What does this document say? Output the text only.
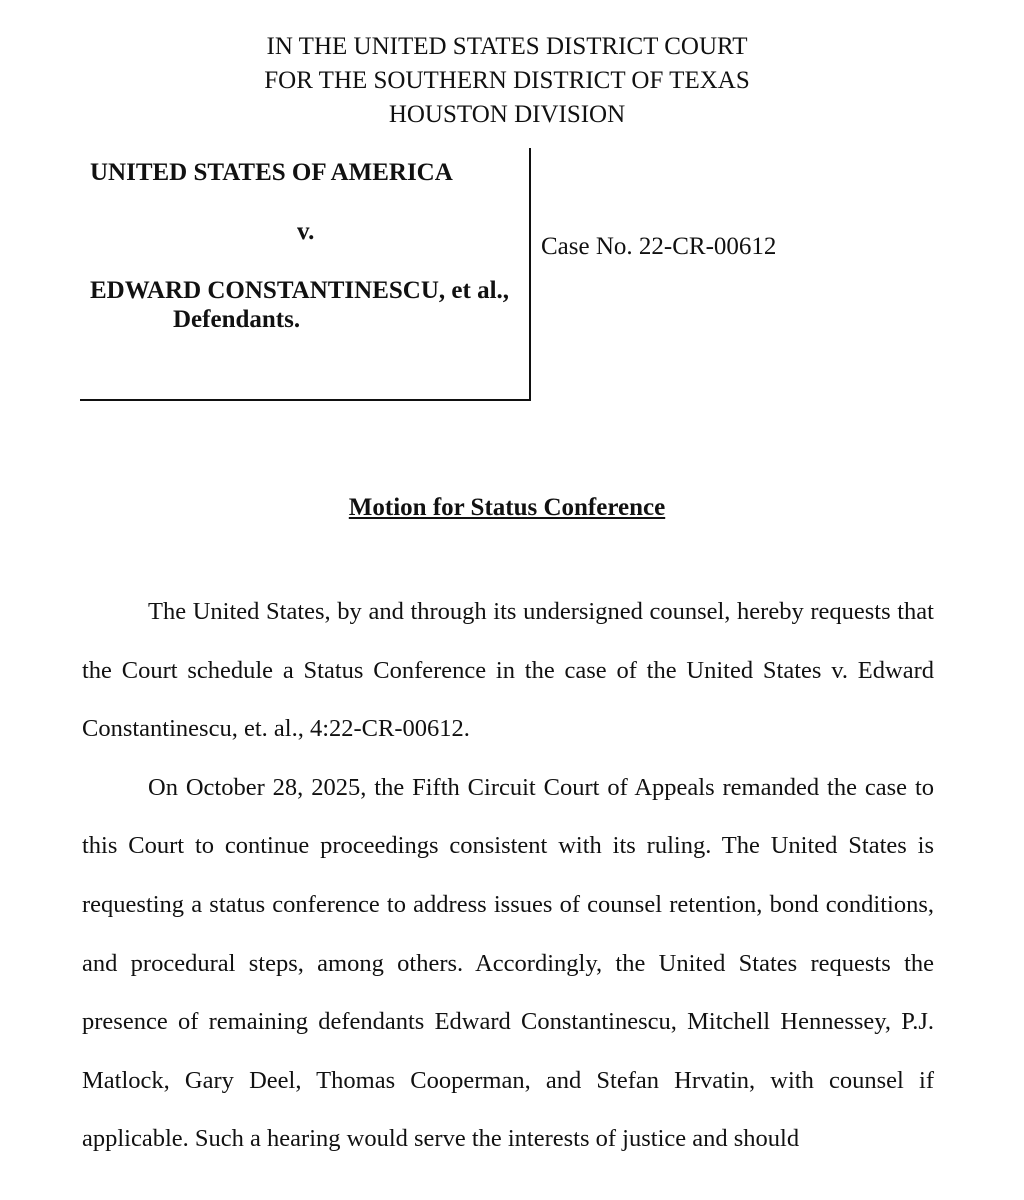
IN THE UNITED STATES DISTRICT COURT
FOR THE SOUTHERN DISTRICT OF TEXAS
HOUSTON DIVISION
UNITED STATES OF AMERICA
v.
EDWARD CONSTANTINESCU, et al.,
Defendants.
Case No. 22-CR-00612
Motion for Status Conference

The United States, by and through its undersigned counsel, hereby requests that the Court schedule a Status Conference in the case of the United States v. Edward Constantinescu, et. al., 4:22-CR-00612.

On October 28, 2025, the Fifth Circuit Court of Appeals remanded the case to this Court to continue proceedings consistent with its ruling. The United States is requesting a status conference to address issues of counsel retention, bond conditions, and procedural steps, among others. Accordingly, the United States requests the presence of remaining defendants Edward Constantinescu, Mitchell Hennessey, P.J. Matlock, Gary Deel, Thomas Cooperman, and Stefan Hrvatin, with counsel if applicable. Such a hearing would serve the interests of justice and should
